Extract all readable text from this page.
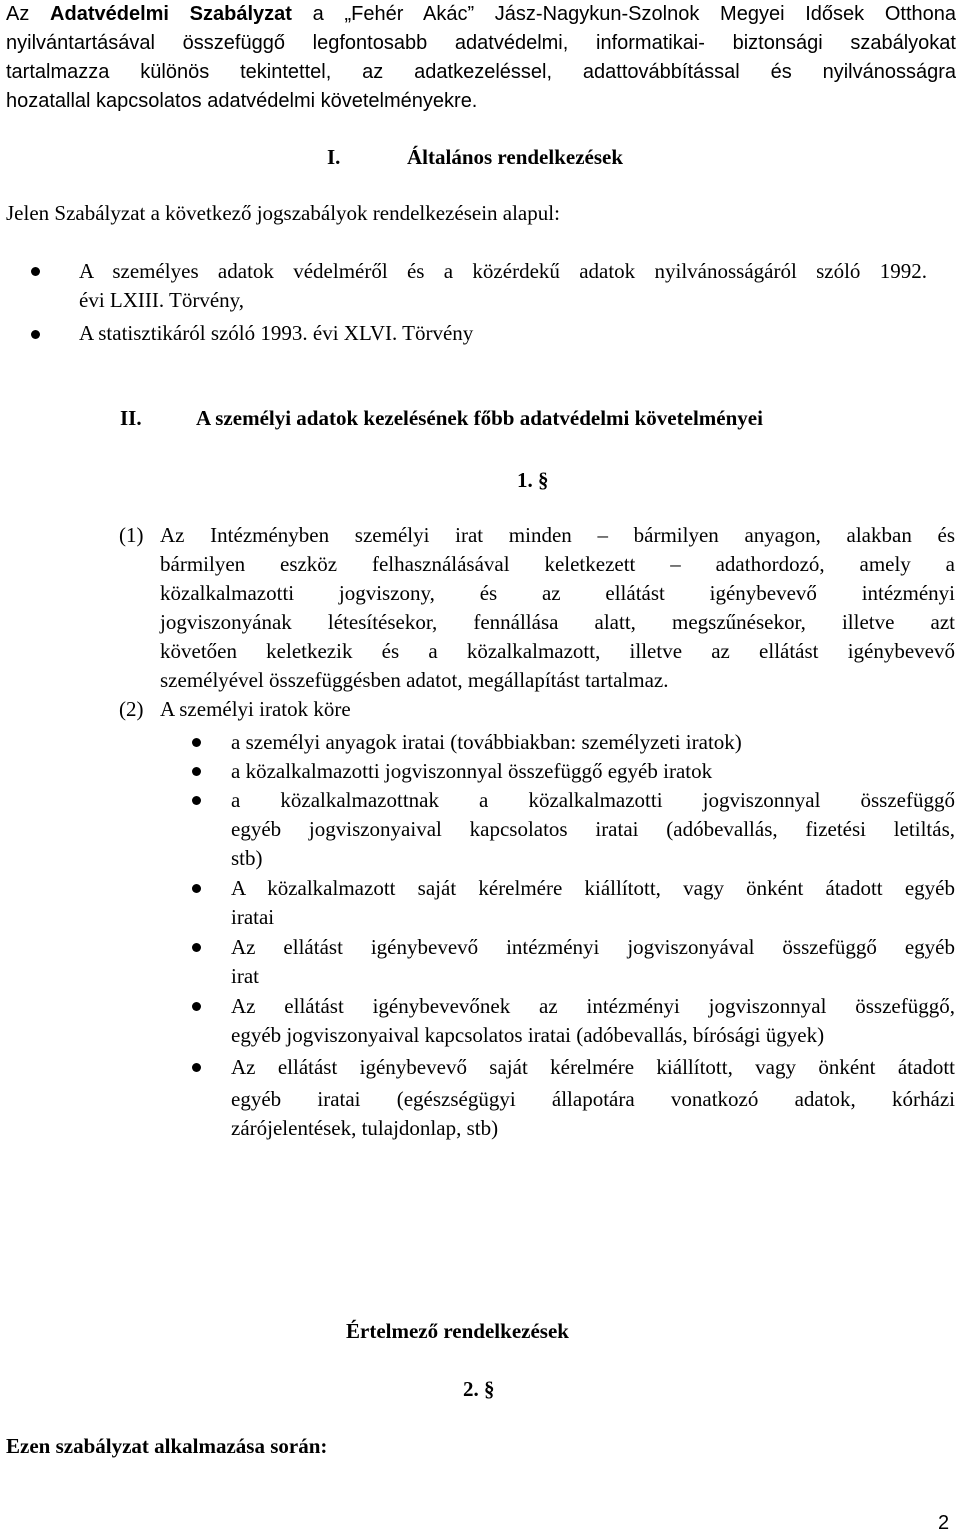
Az Adatvédelmi Szabályzat a „Fehér Akác” Jász-Nagykun-Szolnok Megyei Idősek Otthona
nyilvántartásával összefüggő legfontosabb adatvédelmi, informatikai- biztonsági szabályokat
tartalmazza különös tekintettel, az adatkezeléssel, adattovábbítással és nyilvánosságra
hozatallal kapcsolatos adatvédelmi követelményekre.
I.	Általános rendelkezések
Jelen Szabályzat a következő jogszabályok rendelkezésein alapul:
A személyes adatok védelméről és a közérdekű adatok nyilvánosságáról szóló 1992.
évi LXIII. Törvény,
A statisztikáról szóló 1993. évi XLVI. Törvény
II.	A személyi adatok kezelésének főbb adatvédelmi követelményei
1. §
(1) Az Intézményben személyi irat minden – bármilyen anyagon, alakban és
bármilyen eszköz felhasználásával keletkezett – adathordozó, amely a
közalkalmazotti jogviszony, és az ellátást igénybevevő intézményi
jogviszonyának létesítésekor, fennállása alatt, megszűnésekor, illetve azt
követően keletkezik és a közalkalmazott, illetve az ellátást igénybevevő
személyével összefüggésben adatot, megállapítást tartalmaz.
(2) A személyi iratok köre
a személyi anyagok iratai (továbbiakban: személyzeti iratok)
a közalkalmazotti jogviszonnyal összefüggő egyéb iratok
a közalkalmazottnak a közalkalmazotti jogviszonnyal összefüggő
egyéb jogviszonyaival kapcsolatos iratai (adóbevallás, fizetési letiltás,
stb)
A közalkalmazott saját kérelmére kiállított, vagy önként átadott egyéb
iratai
Az ellátást igénybevevő intézményi jogviszonyával összefüggő egyéb
irat
Az ellátást igénybevevőnek az intézményi jogviszonnyal összefüggő,
egyéb jogviszonyaival kapcsolatos iratai (adóbevallás, bírósági ügyek)
Az ellátást igénybevevő saját kérelmére kiállított, vagy önként átadott
egyéb iratai (egészségügyi állapotára vonatkozó adatok, kórházi
zárójelentések, tulajdonlap, stb)
Értelmező rendelkezések
2. §
Ezen szabályzat alkalmazása során:
2
